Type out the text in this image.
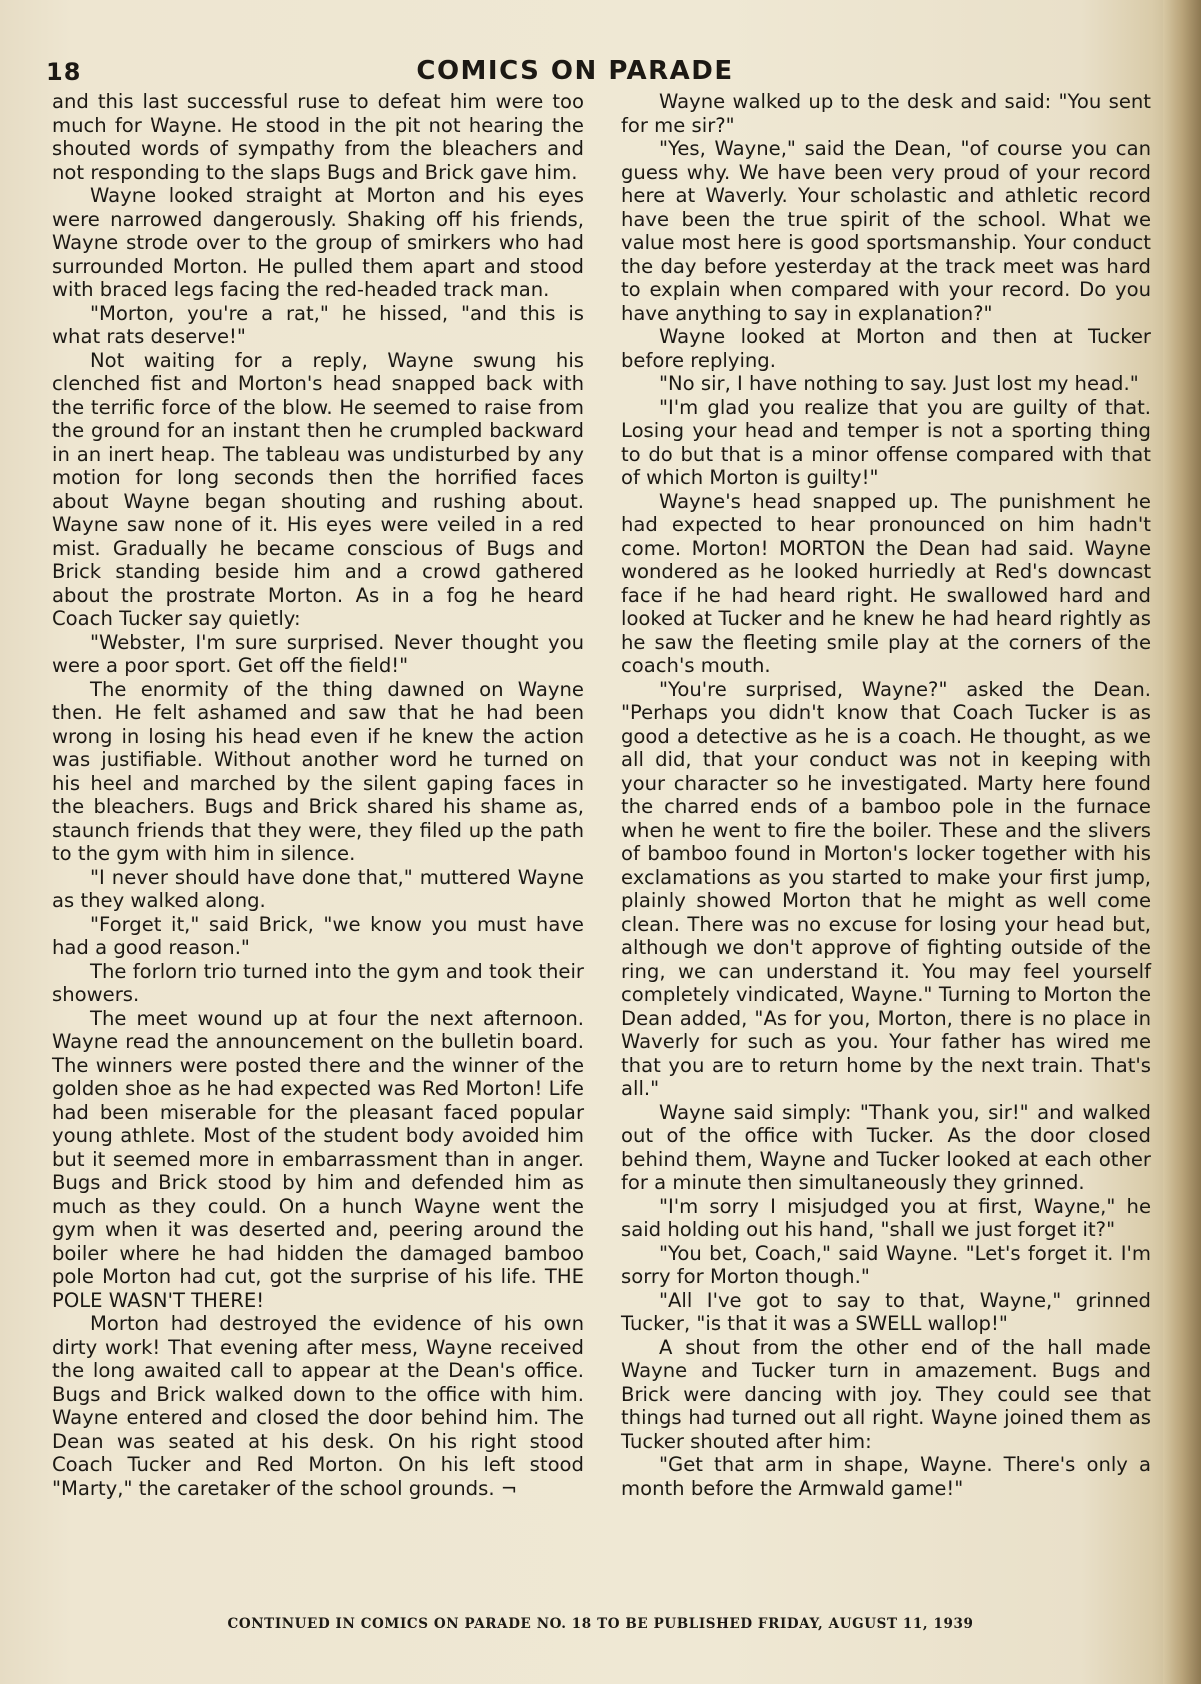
18	COMICS ON PARADE

and this last successful ruse to defeat him were too much for Wayne. He stood in the pit not hearing the shouted words of sympathy from the bleachers and not responding to the slaps Bugs and Brick gave him.

Wayne looked straight at Morton and his eyes were narrowed dangerously. Shaking off his friends, Wayne strode over to the group of smirkers who had surrounded Morton. He pulled them apart and stood with braced legs facing the red-headed track man.

"Morton, you're a rat," he hissed, "and this is what rats deserve!"

Not waiting for a reply, Wayne swung his clenched fist and Morton's head snapped back with the terrific force of the blow. He seemed to raise from the ground for an instant then he crumpled backward in an inert heap. The tableau was undisturbed by any motion for long seconds then the horrified faces about Wayne began shouting and rushing about. Wayne saw none of it. His eyes were veiled in a red mist. Gradually he became conscious of Bugs and Brick standing beside him and a crowd gathered about the prostrate Morton. As in a fog he heard Coach Tucker say quietly:

"Webster, I'm sure surprised. Never thought you were a poor sport. Get off the field!"

The enormity of the thing dawned on Wayne then. He felt ashamed and saw that he had been wrong in losing his head even if he knew the action was justifiable. Without another word he turned on his heel and marched by the silent gaping faces in the bleachers. Bugs and Brick shared his shame as, staunch friends that they were, they filed up the path to the gym with him in silence.

"I never should have done that," muttered Wayne as they walked along.

"Forget it," said Brick, "we know you must have had a good reason."

The forlorn trio turned into the gym and took their showers.

The meet wound up at four the next afternoon. Wayne read the announcement on the bulletin board. The winners were posted there and the winner of the golden shoe as he had expected was Red Morton! Life had been miserable for the pleasant faced popular young athlete. Most of the student body avoided him but it seemed more in embarrassment than in anger. Bugs and Brick stood by him and defended him as much as they could. On a hunch Wayne went the gym when it was deserted and, peering around the boiler where he had hidden the damaged bamboo pole Morton had cut, got the surprise of his life. THE POLE WASN'T THERE!

Morton had destroyed the evidence of his own dirty work! That evening after mess, Wayne received the long awaited call to appear at the Dean's office. Bugs and Brick walked down to the office with him. Wayne entered and closed the door behind him. The Dean was seated at his desk. On his right stood Coach Tucker and Red Morton. On his left stood "Marty," the caretaker of the school grounds. ¬

Wayne walked up to the desk and said: "You sent for me sir?"

"Yes, Wayne," said the Dean, "of course you can guess why. We have been very proud of your record here at Waverly. Your scholastic and athletic record have been the true spirit of the school. What we value most here is good sportsmanship. Your conduct the day before yesterday at the track meet was hard to explain when compared with your record. Do you have anything to say in explanation?"

Wayne looked at Morton and then at Tucker before replying.

"No sir, I have nothing to say. Just lost my head."

"I'm glad you realize that you are guilty of that. Losing your head and temper is not a sporting thing to do but that is a minor offense compared with that of which Morton is guilty!"

Wayne's head snapped up. The punishment he had expected to hear pronounced on him hadn't come. Morton! MORTON the Dean had said. Wayne wondered as he looked hurriedly at Red's downcast face if he had heard right. He swallowed hard and looked at Tucker and he knew he had heard rightly as he saw the fleeting smile play at the corners of the coach's mouth.

"You're surprised, Wayne?" asked the Dean. "Perhaps you didn't know that Coach Tucker is as good a detective as he is a coach. He thought, as we all did, that your conduct was not in keeping with your character so he investigated. Marty here found the charred ends of a bamboo pole in the furnace when he went to fire the boiler. These and the slivers of bamboo found in Morton's locker together with his exclamations as you started to make your first jump, plainly showed Morton that he might as well come clean. There was no excuse for losing your head but, although we don't approve of fighting outside of the ring, we can understand it. You may feel yourself completely vindicated, Wayne." Turning to Morton the Dean added, "As for you, Morton, there is no place in Waverly for such as you. Your father has wired me that you are to return home by the next train. That's all."

Wayne said simply: "Thank you, sir!" and walked out of the office with Tucker. As the door closed behind them, Wayne and Tucker looked at each other for a minute then simultaneously they grinned.

"I'm sorry I misjudged you at first, Wayne," he said holding out his hand, "shall we just forget it?"

"You bet, Coach," said Wayne. "Let's forget it. I'm sorry for Morton though."

"All I've got to say to that, Wayne," grinned Tucker, "is that it was a SWELL wallop!"

A shout from the other end of the hall made Wayne and Tucker turn in amazement. Bugs and Brick were dancing with joy. They could see that things had turned out all right. Wayne joined them as Tucker shouted after him:

"Get that arm in shape, Wayne. There's only a month before the Armwald game!"

CONTINUED IN COMICS ON PARADE NO. 18 TO BE PUBLISHED FRIDAY, AUGUST 11, 1939
